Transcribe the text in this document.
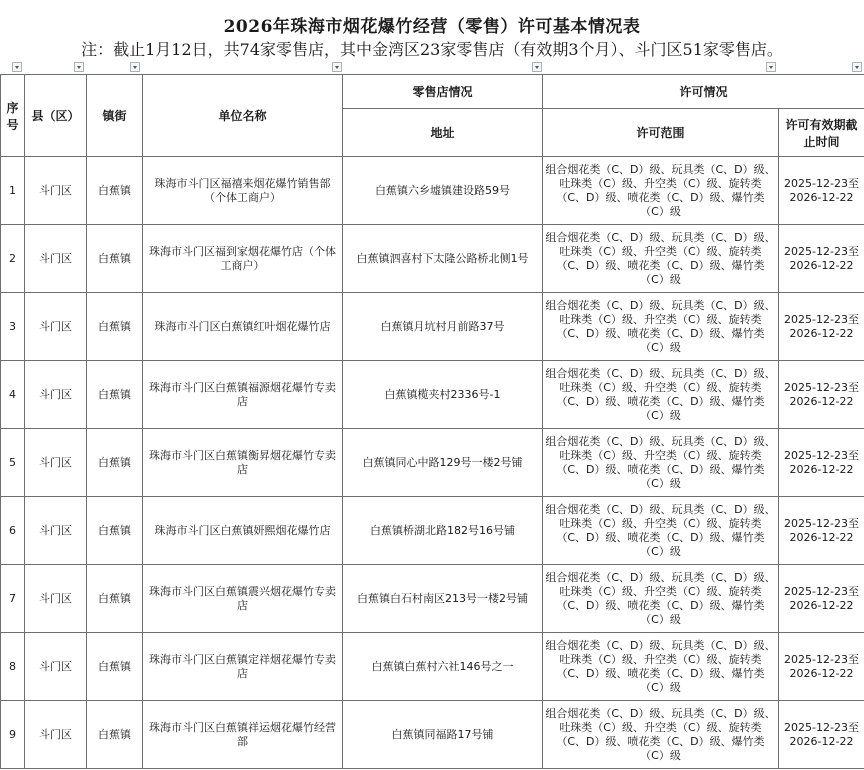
2026年珠海市烟花爆竹经营（零售）许可基本情况表
注：截止1月12日，共74家零售店，其中金湾区23家零售店（有效期3个月）、斗门区51家零售店。
序号	县（区）	镇街	单位名称	零售店情况	许可情况	
				地址	许可范围	许可有效期截止时间
1	斗门区	白蕉镇	珠海市斗门区福禧来烟花爆竹销售部（个体工商户）	白蕉镇六乡墟镇建设路59号	组合烟花类（C、D）级、玩具类（C、D）级、吐珠类（C）级、升空类（C）级、旋转类（C、D）级、喷花类（C、D）级、爆竹类（C）级	2025-12-23至
2026-12-22

2	斗门区	白蕉镇	珠海市斗门区福到家烟花爆竹店（个体工商户）	白蕉镇泗喜村下太隆公路桥北侧1号	组合烟花类（C、D）级、玩具类（C、D）级、吐珠类（C）级、升空类（C）级、旋转类（C、D）级、喷花类（C、D）级、爆竹类（C）级	2025-12-23至
2026-12-22

3	斗门区	白蕉镇	珠海市斗门区白蕉镇红叶烟花爆竹店	白蕉镇月坑村月前路37号	组合烟花类（C、D）级、玩具类（C、D）级、吐珠类（C）级、升空类（C）级、旋转类（C、D）级、喷花类（C、D）级、爆竹类（C）级	2025-12-23至
2026-12-22

4	斗门区	白蕉镇	珠海市斗门区白蕉镇福源烟花爆竹专卖店	白蕉镇榄夹村2336号-1	组合烟花类（C、D）级、玩具类（C、D）级、吐珠类（C）级、升空类（C）级、旋转类（C、D）级、喷花类（C、D）级、爆竹类（C）级	2025-12-23至
2026-12-22

5	斗门区	白蕉镇	珠海市斗门区白蕉镇衡昇烟花爆竹专卖店	白蕉镇同心中路129号一楼2号铺	组合烟花类（C、D）级、玩具类（C、D）级、吐珠类（C）级、升空类（C）级、旋转类（C、D）级、喷花类（C、D）级、爆竹类（C）级	2025-12-23至
2026-12-22

6	斗门区	白蕉镇	珠海市斗门区白蕉镇妍熙烟花爆竹店	白蕉镇桥湖北路182号16号铺	组合烟花类（C、D）级、玩具类（C、D）级、吐珠类（C）级、升空类（C）级、旋转类（C、D）级、喷花类（C、D）级、爆竹类（C）级	2025-12-23至
2026-12-22

7	斗门区	白蕉镇	珠海市斗门区白蕉镇震兴烟花爆竹专卖店	白蕉镇白石村南区213号一楼2号铺	组合烟花类（C、D）级、玩具类（C、D）级、吐珠类（C）级、升空类（C）级、旋转类（C、D）级、喷花类（C、D）级、爆竹类（C）级	2025-12-23至
2026-12-22

8	斗门区	白蕉镇	珠海市斗门区白蕉镇定祥烟花爆竹专卖店	白蕉镇白蕉村六社146号之一	组合烟花类（C、D）级、玩具类（C、D）级、吐珠类（C）级、升空类（C）级、旋转类（C、D）级、喷花类（C、D）级、爆竹类（C）级	2025-12-23至
2026-12-22

9	斗门区	白蕉镇	珠海市斗门区白蕉镇祥运烟花爆竹经营部	白蕉镇同福路17号铺	组合烟花类（C、D）级、玩具类（C、D）级、吐珠类（C）级、升空类（C）级、旋转类（C、D）级、喷花类（C、D）级、爆竹类（C）级	2025-12-23至
2026-12-22
